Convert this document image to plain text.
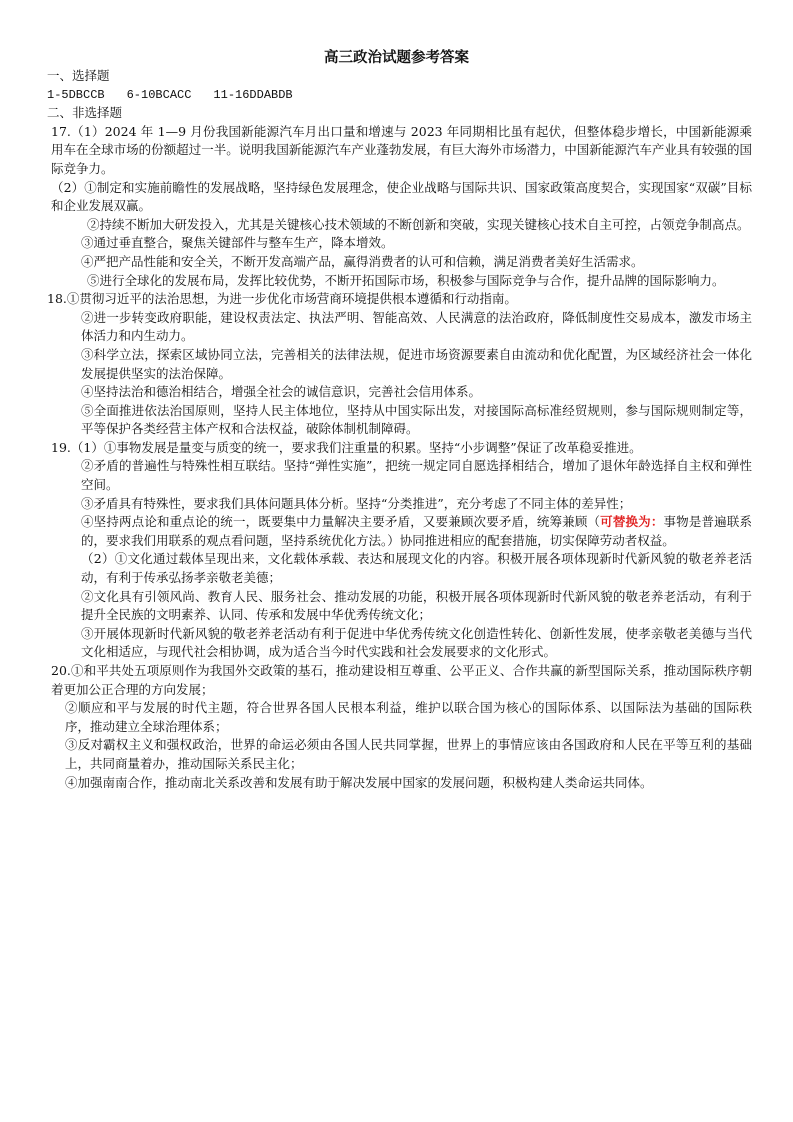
高三政治试题参考答案

一、选择题

1-5DBCCB 6-10BCACC 11-16DDABDB

二、非选择题

17.（1）2024 年 1—9 月份我国新能源汽车月出口量和增速与 2023 年同期相比虽有起伏，但整体稳步增长，中国新能源乘用车在全球市场的份额超过一半。说明我国新能源汽车产业蓬勃发展，有巨大海外市场潜力，中国新能源汽车产业具有较强的国际竞争力。

（2）①制定和实施前瞻性的发展战略，坚持绿色发展理念，使企业战略与国际共识、国家政策高度契合，实现国家“双碳”目标和企业发展双赢。

②持续不断加大研发投入，尤其是关键核心技术领域的不断创新和突破，实现关键核心技术自主可控，占领竞争制高点。

③通过垂直整合，聚焦关键部件与整车生产，降本增效。

④严把产品性能和安全关，不断开发高端产品，赢得消费者的认可和信赖，满足消费者美好生活需求。

⑤进行全球化的发展布局，发挥比较优势，不断开拓国际市场，积极参与国际竞争与合作，提升品牌的国际影响力。

18.①贯彻习近平的法治思想，为进一步优化市场营商环境提供根本遵循和行动指南。

②进一步转变政府职能，建设权责法定、执法严明、智能高效、人民满意的法治政府，降低制度性交易成本，激发市场主体活力和内生动力。

③科学立法，探索区域协同立法，完善相关的法律法规，促进市场资源要素自由流动和优化配置，为区域经济社会一体化发展提供坚实的法治保障。

④坚持法治和德治相结合，增强全社会的诚信意识，完善社会信用体系。

⑤全面推进依法治国原则，坚持人民主体地位，坚持从中国实际出发，对接国际高标准经贸规则，参与国际规则制定等，平等保护各类经营主体产权和合法权益，破除体制机制障碍。

19.（1）①事物发展是量变与质变的统一，要求我们注重量的积累。坚持“小步调整”保证了改革稳妥推进。

②矛盾的普遍性与特殊性相互联结。坚持“弹性实施”，把统一规定同自愿选择相结合，增加了退休年龄选择自主权和弹性空间。

③矛盾具有特殊性，要求我们具体问题具体分析。坚持“分类推进”，充分考虑了不同主体的差异性；

④坚持两点论和重点论的统一，既要集中力量解决主要矛盾，又要兼顾次要矛盾，统筹兼顾（可替换为：事物是普遍联系的，要求我们用联系的观点看问题，坚持系统优化方法。）协同推进相应的配套措施，切实保障劳动者权益。

（2）①文化通过载体呈现出来，文化载体承载、表达和展现文化的内容。积极开展各项体现新时代新风貌的敬老养老活动，有利于传承弘扬孝亲敬老美德；

②文化具有引领风尚、教育人民、服务社会、推动发展的功能，积极开展各项体现新时代新风貌的敬老养老活动，有利于提升全民族的文明素养、认同、传承和发展中华优秀传统文化；

③开展体现新时代新风貌的敬老养老活动有利于促进中华优秀传统文化创造性转化、创新性发展，使孝亲敬老美德与当代文化相适应，与现代社会相协调，成为适合当今时代实践和社会发展要求的文化形式。

20.①和平共处五项原则作为我国外交政策的基石，推动建设相互尊重、公平正义、合作共赢的新型国际关系，推动国际秩序朝着更加公正合理的方向发展；

②顺应和平与发展的时代主题，符合世界各国人民根本利益，维护以联合国为核心的国际体系、以国际法为基础的国际秩序，推动建立全球治理体系；

③反对霸权主义和强权政治，世界的命运必须由各国人民共同掌握，世界上的事情应该由各国政府和人民在平等互利的基础上，共同商量着办，推动国际关系民主化；

④加强南南合作，推动南北关系改善和发展有助于解决发展中国家的发展问题，积极构建人类命运共同体。
